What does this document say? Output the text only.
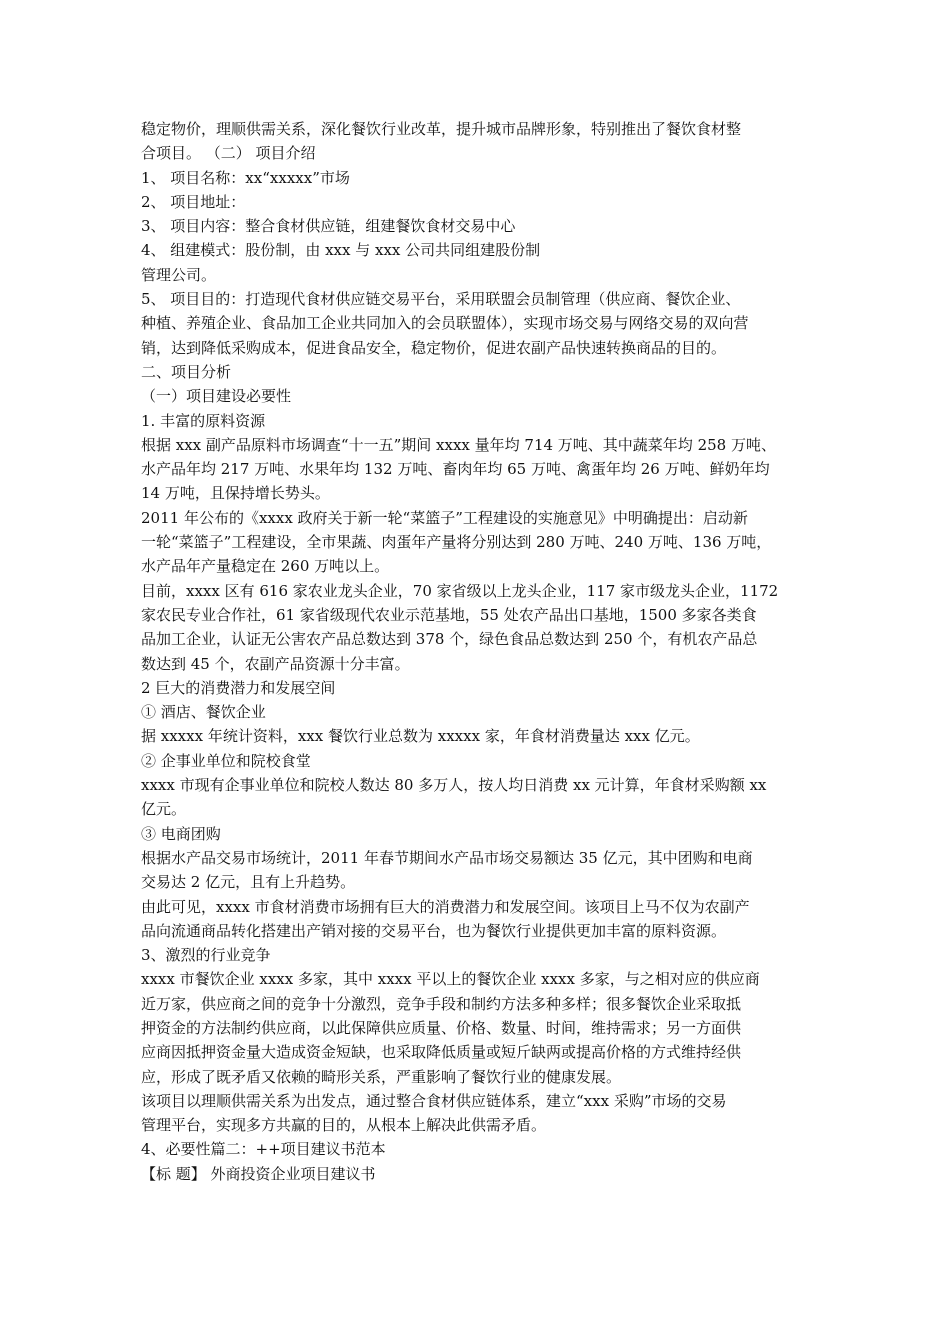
稳定物价，理顺供需关系，深化餐饮行业改革，提升城市品牌形象，特别推出了餐饮食材整
合项目。 （二） 项目介绍
1、 项目名称：xx“xxxxx”市场
2、 项目地址：
3、 项目内容：整合食材供应链，组建餐饮食材交易中心
4、 组建模式：股份制，由 xxx 与 xxx 公司共同组建股份制
管理公司。
5、 项目目的：打造现代食材供应链交易平台，采用联盟会员制管理（供应商、餐饮企业、
种植、养殖企业、食品加工企业共同加入的会员联盟体），实现市场交易与网络交易的双向营
销，达到降低采购成本，促进食品安全，稳定物价，促进农副产品快速转换商品的目的。
二、项目分析
（一）项目建设必要性
1. 丰富的原料资源
根据 xxx 副产品原料市场调查“十一五”期间 xxxx 量年均 714 万吨、其中蔬菜年均 258 万吨、
水产品年均 217 万吨、水果年均 132 万吨、畜肉年均 65 万吨、禽蛋年均 26 万吨、鲜奶年均
14 万吨，且保持增长势头。
2011 年公布的《xxxx 政府关于新一轮“菜篮子”工程建设的实施意见》中明确提出：启动新
一轮“菜篮子”工程建设，全市果蔬、肉蛋年产量将分别达到 280 万吨、240 万吨、136 万吨，
水产品年产量稳定在 260 万吨以上。
目前，xxxx 区有 616 家农业龙头企业，70 家省级以上龙头企业，117 家市级龙头企业，1172
家农民专业合作社，61 家省级现代农业示范基地，55 处农产品出口基地，1500 多家各类食
品加工企业，认证无公害农产品总数达到 378 个，绿色食品总数达到 250 个，有机农产品总
数达到 45 个，农副产品资源十分丰富。
2 巨大的消费潜力和发展空间
① 酒店、餐饮企业
据 xxxxx 年统计资料，xxx 餐饮行业总数为 xxxxx 家，年食材消费量达 xxx 亿元。
② 企事业单位和院校食堂
xxxx 市现有企事业单位和院校人数达 80 多万人，按人均日消费 xx 元计算，年食材采购额 xx
亿元。
③ 电商团购
根据水产品交易市场统计，2011 年春节期间水产品市场交易额达 35 亿元，其中团购和电商
交易达 2 亿元，且有上升趋势。
由此可见，xxxx 市食材消费市场拥有巨大的消费潜力和发展空间。该项目上马不仅为农副产
品向流通商品转化搭建出产销对接的交易平台，也为餐饮行业提供更加丰富的原料资源。
3、激烈的行业竞争
xxxx 市餐饮企业 xxxx 多家，其中 xxxx 平以上的餐饮企业 xxxx 多家，与之相对应的供应商
近万家，供应商之间的竞争十分激烈，竞争手段和制约方法多种多样；很多餐饮企业采取抵
押资金的方法制约供应商，以此保障供应质量、价格、数量、时间，维持需求；另一方面供
应商因抵押资金量大造成资金短缺，也采取降低质量或短斤缺两或提高价格的方式维持经供
应，形成了既矛盾又依赖的畸形关系，严重影响了餐饮行业的健康发展。
该项目以理顺供需关系为出发点，通过整合食材供应链体系，建立“xxx 采购”市场的交易
管理平台，实现多方共赢的目的，从根本上解决此供需矛盾。
4、必要性篇二：++项目建议书范本
【标 题】 外商投资企业项目建议书
